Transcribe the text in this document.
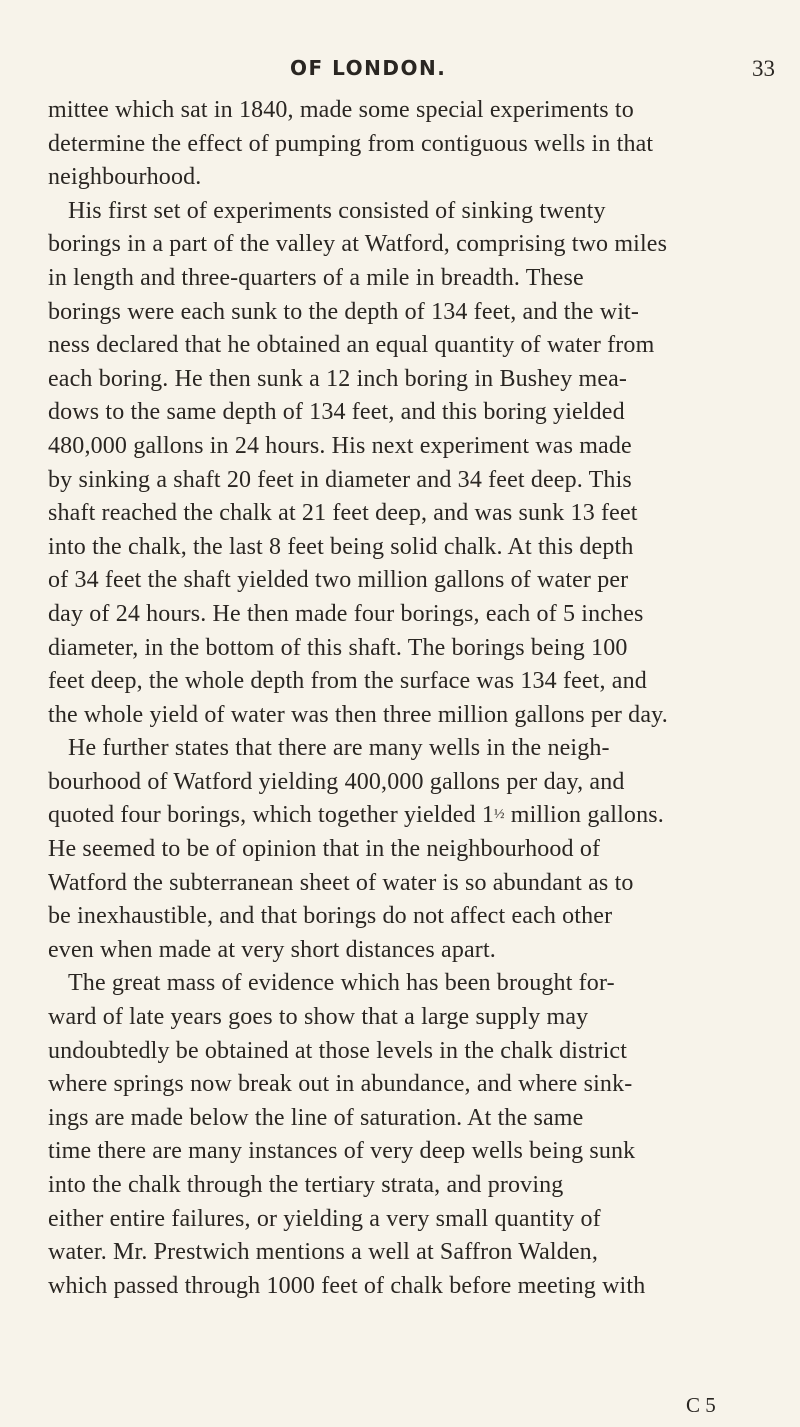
OF LONDON.	33
mittee which sat in 1840, made some special experiments to
determine the effect of pumping from contiguous wells in that
neighbourhood.
His first set of experiments consisted of sinking twenty
borings in a part of the valley at Watford, comprising two miles
in length and three-quarters of a mile in breadth. These
borings were each sunk to the depth of 134 feet, and the wit-
ness declared that he obtained an equal quantity of water from
each boring. He then sunk a 12 inch boring in Bushey mea-
dows to the same depth of 134 feet, and this boring yielded
480,000 gallons in 24 hours. His next experiment was made
by sinking a shaft 20 feet in diameter and 34 feet deep. This
shaft reached the chalk at 21 feet deep, and was sunk 13 feet
into the chalk, the last 8 feet being solid chalk. At this depth
of 34 feet the shaft yielded two million gallons of water per
day of 24 hours. He then made four borings, each of 5 inches
diameter, in the bottom of this shaft. The borings being 100
feet deep, the whole depth from the surface was 134 feet, and
the whole yield of water was then three million gallons per day.
He further states that there are many wells in the neigh-
bourhood of Watford yielding 400,000 gallons per day, and
quoted four borings, which together yielded 1½ million gallons.
He seemed to be of opinion that in the neighbourhood of
Watford the subterranean sheet of water is so abundant as to
be inexhaustible, and that borings do not affect each other
even when made at very short distances apart.
The great mass of evidence which has been brought for-
ward of late years goes to show that a large supply may
undoubtedly be obtained at those levels in the chalk district
where springs now break out in abundance, and where sink-
ings are made below the line of saturation. At the same
time there are many instances of very deep wells being sunk
into the chalk through the tertiary strata, and proving
either entire failures, or yielding a very small quantity of
water. Mr. Prestwich mentions a well at Saffron Walden,
which passed through 1000 feet of chalk before meeting with
C 5
